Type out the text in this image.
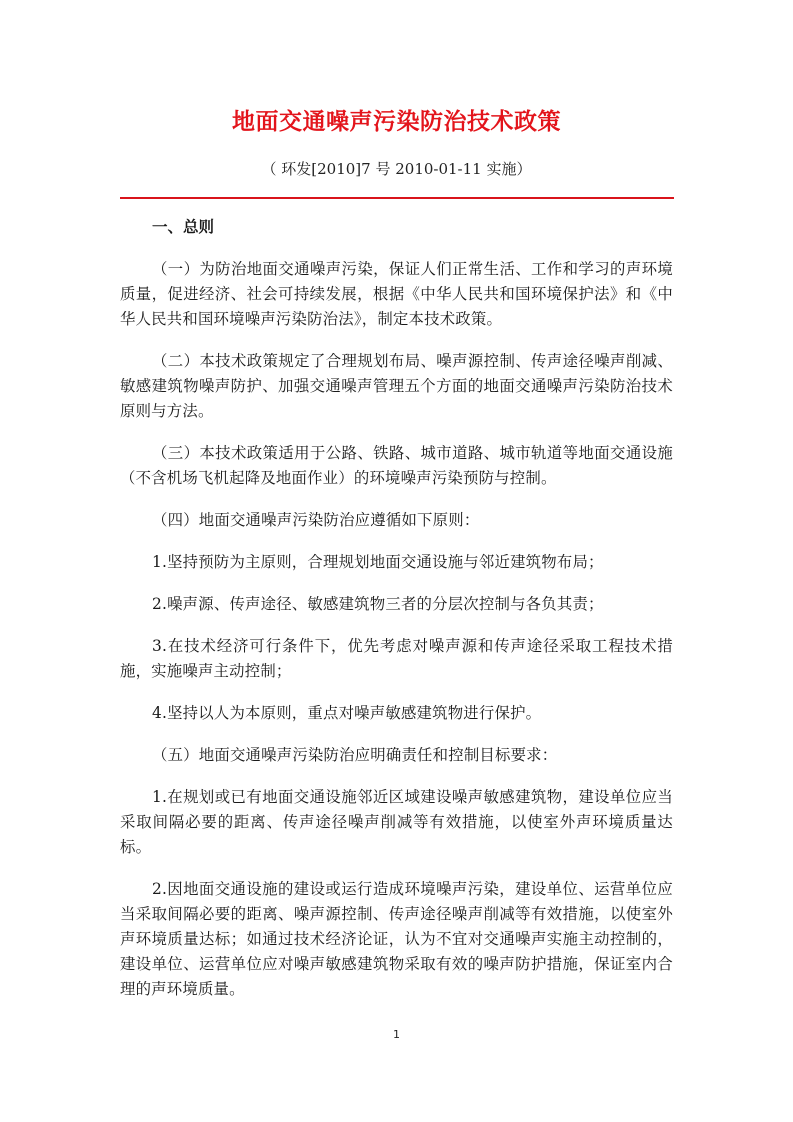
地面交通噪声污染防治技术政策
（ 环发[2010]7 号 2010-01-11 实施）
一、总则

（一）为防治地面交通噪声污染，保证人们正常生活、工作和学习的声环境质量，促进经济、社会可持续发展，根据《中华人民共和国环境保护法》和《中华人民共和国环境噪声污染防治法》，制定本技术政策。

（二）本技术政策规定了合理规划布局、噪声源控制、传声途径噪声削减、敏感建筑物噪声防护、加强交通噪声管理五个方面的地面交通噪声污染防治技术原则与方法。

（三）本技术政策适用于公路、铁路、城市道路、城市轨道等地面交通设施（不含机场飞机起降及地面作业）的环境噪声污染预防与控制。

（四）地面交通噪声污染防治应遵循如下原则：

1.坚持预防为主原则，合理规划地面交通设施与邻近建筑物布局；

2.噪声源、传声途径、敏感建筑物三者的分层次控制与各负其责；

3.在技术经济可行条件下，优先考虑对噪声源和传声途径采取工程技术措施，实施噪声主动控制；

4.坚持以人为本原则，重点对噪声敏感建筑物进行保护。

（五）地面交通噪声污染防治应明确责任和控制目标要求：

1.在规划或已有地面交通设施邻近区域建设噪声敏感建筑物，建设单位应当采取间隔必要的距离、传声途径噪声削减等有效措施，以使室外声环境质量达标。

2.因地面交通设施的建设或运行造成环境噪声污染，建设单位、运营单位应当采取间隔必要的距离、噪声源控制、传声途径噪声削减等有效措施，以使室外声环境质量达标；如通过技术经济论证，认为不宜对交通噪声实施主动控制的，建设单位、运营单位应对噪声敏感建筑物采取有效的噪声防护措施，保证室内合理的声环境质量。

1
